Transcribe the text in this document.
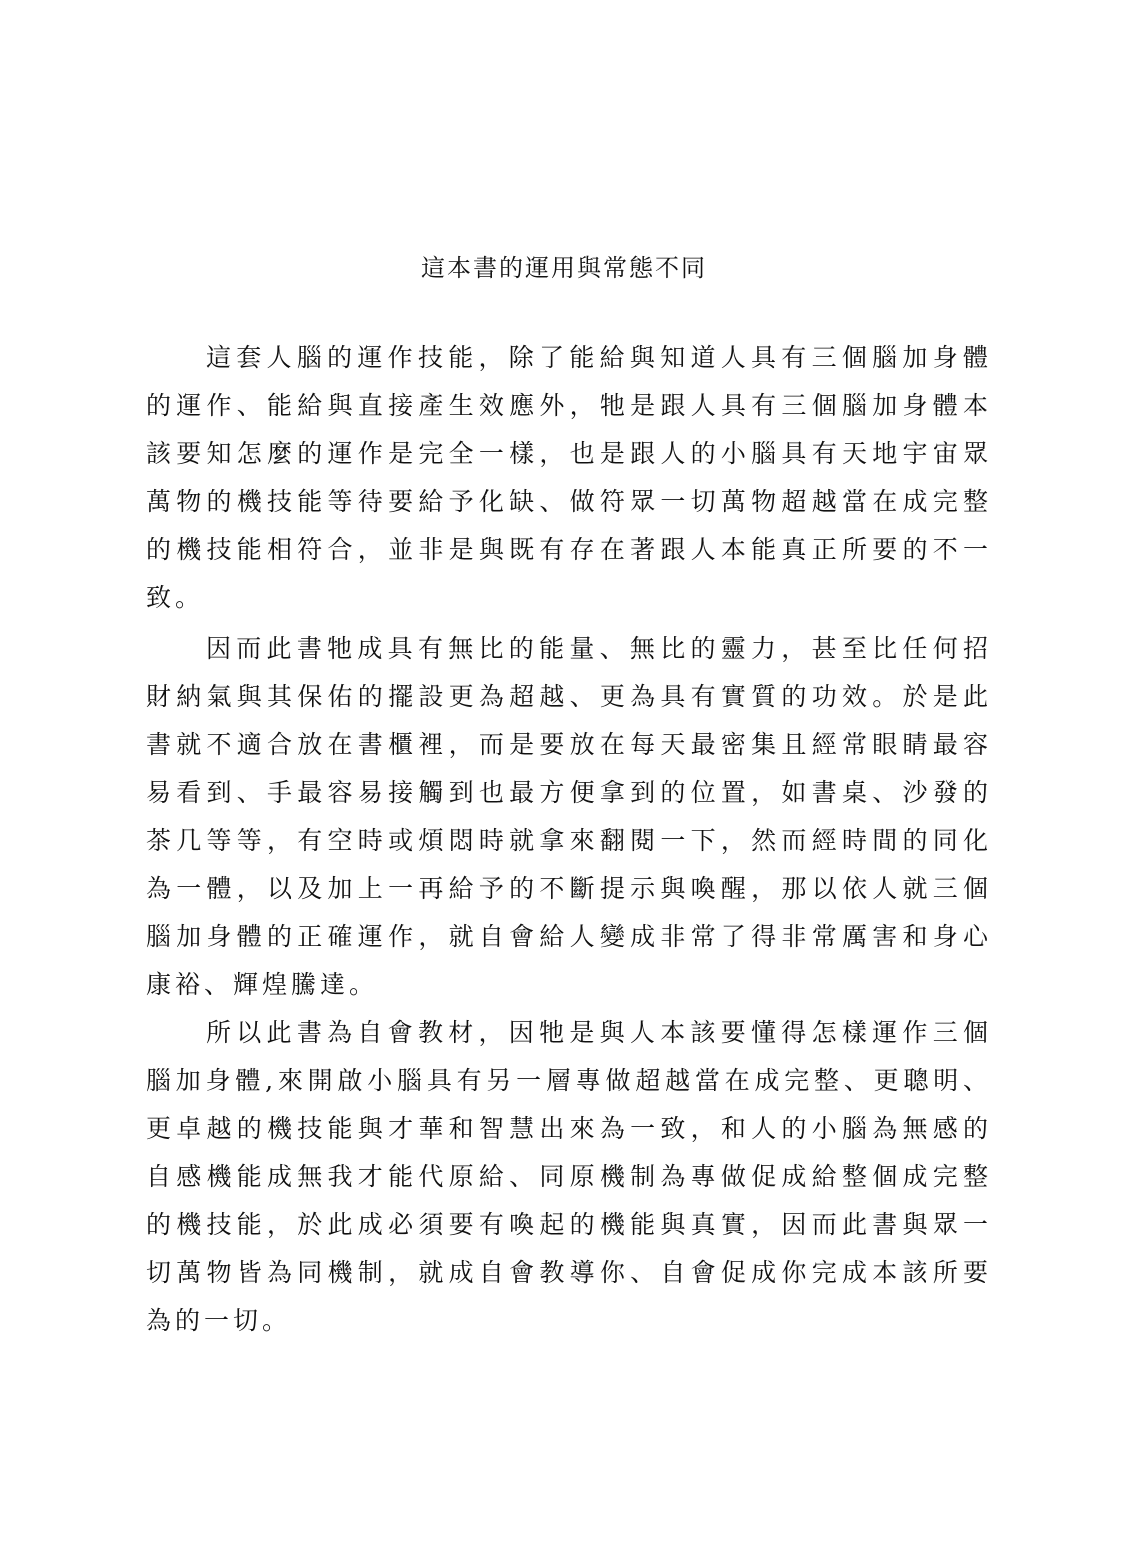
這本書的運用與常態不同
這套人腦的運作技能，除了能給與知道人具有三個腦加身體
的運作、能給與直接產生效應外，牠是跟人具有三個腦加身體本
該要知怎麼的運作是完全一樣，也是跟人的小腦具有天地宇宙眾
萬物的機技能等待要給予化缺、做符眾一切萬物超越當在成完整
的機技能相符合，並非是與既有存在著跟人本能真正所要的不一
致。
因而此書牠成具有無比的能量、無比的靈力，甚至比任何招
財納氣與其保佑的擺設更為超越、更為具有實質的功效。於是此
書就不適合放在書櫃裡，而是要放在每天最密集且經常眼睛最容
易看到、手最容易接觸到也最方便拿到的位置，如書桌、沙發的
茶几等等，有空時或煩悶時就拿來翻閱一下，然而經時間的同化
為一體，以及加上一再給予的不斷提示與喚醒，那以依人就三個
腦加身體的正確運作，就自會給人變成非常了得非常厲害和身心
康裕、輝煌騰達。
所以此書為自會教材，因牠是與人本該要懂得怎樣運作三個
腦加身體,來開啟小腦具有另一層專做超越當在成完整、更聰明、
更卓越的機技能與才華和智慧出來為一致，和人的小腦為無感的
自感機能成無我才能代原給、同原機制為專做促成給整個成完整
的機技能，於此成必須要有喚起的機能與真實，因而此書與眾一
切萬物皆為同機制，就成自會教導你、自會促成你完成本該所要
為的一切。
